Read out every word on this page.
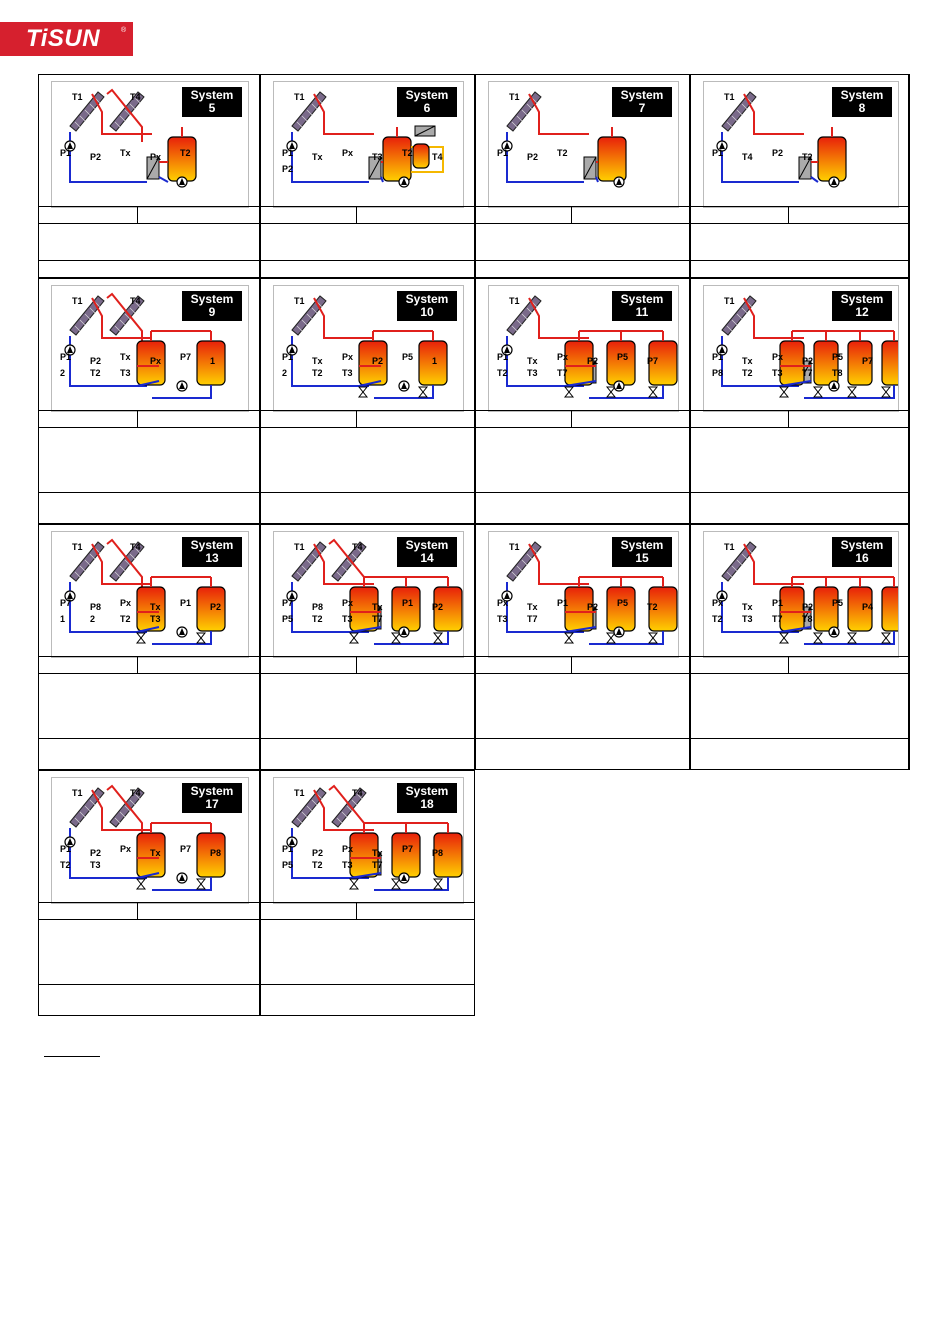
TiSUN	®
T1	T4
P1 P2 Tx Px T2
System
5
T1
P1 Tx Px T3 T2 T4
P2
System
6
T1
P1 P2 T2
System
7
T1
P1 T4 P2 T2
System
8
T1	T4
P1 P2 Tx Px P7 1
2	T2 T3
System
9
T1
P1 Tx Px P2 P5 1
2	T2 T3
System
10
T1
P1 Tx Px P2 P5 P7
T2 T3 T7
System
11
T1
P1 Tx Px P2 P5 P7
P8 T2 T3 T7 T8
System
12
T1	T4
P7 P8 Px Tx P1 P2
1	2	T2 T3
System
13
T1	T4
P7 P8 Px Tx P1 P2
P5 T2 T3 T7
System
14
T1
Px Tx P1 P2 P5 T2
T3 T7
System
15
T1
Px Tx P1 P2 P5 P4
T2 T3 T7 T8
System
16
T1	T4
P1 P2 Px Tx P7 P8
T2 T3
System
17
T1	T4
P1 P2 Px Tx P7 P8
P5 T2 T3 T7
System
18
